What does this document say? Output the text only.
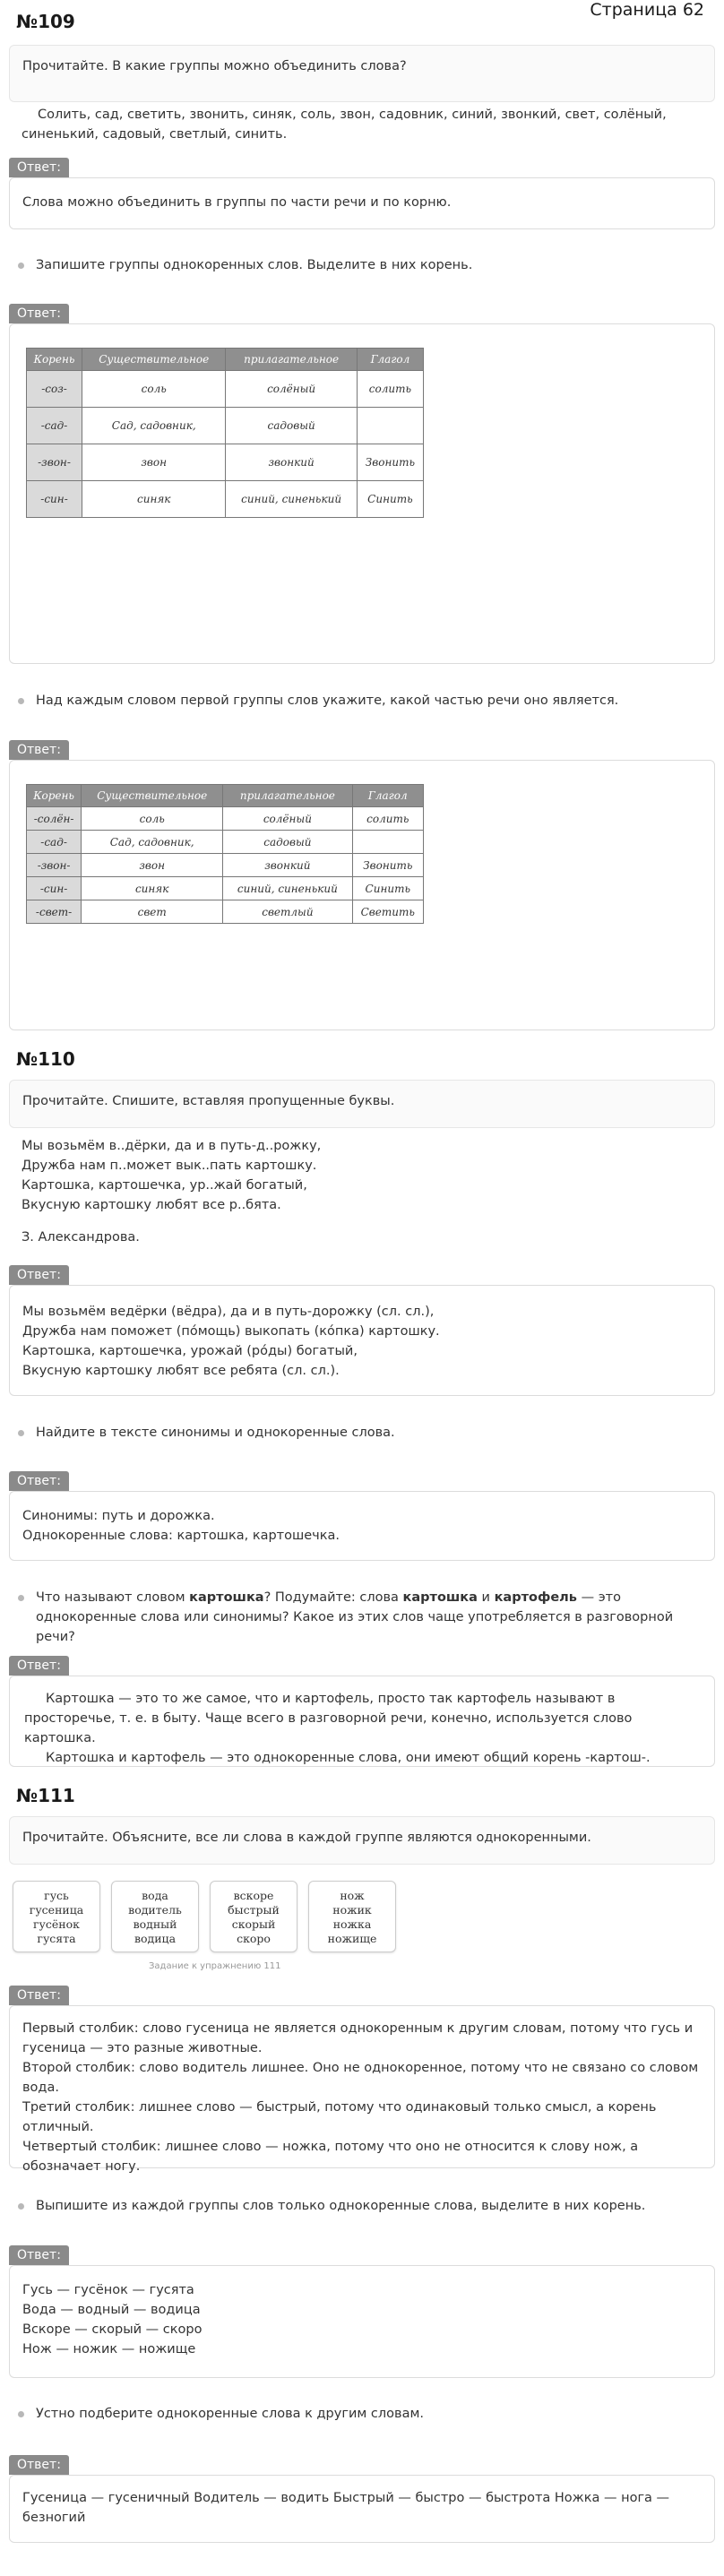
Страница 62
№109
Прочитайте. В какие группы можно объединить слова?
Солить, сад, светить, звонить, синяк, соль, звон, садовник, синий, звонкий, свет, солёный,
синенький, садовый, светлый, синить.
Ответ:
Слова можно объединить в группы по части речи и по корню.
Запишите группы однокоренных слов. Выделите в них корень.
Ответ:
Корень	Существительное	прилагательное	Глагол
-соз-	соль	солёный	солить
-сад-	Сад, садовник,	садовый	
-звон-	звон	звонкий	Звонить
-син-	синяк	синий, синенький	Синить
Над каждым словом первой группы слов укажите, какой частью речи оно является.
Ответ:
Корень	Существительное	прилагательное	Глагол
-солён-	соль	солёный	солить
-сад-	Сад, садовник,	садовый	
-звон-	звон	звонкий	Звонить
-син-	синяк	синий, синенький	Синить
-свет-	свет	светлый	Светить
№110
Прочитайте. Спишите, вставляя пропущенные буквы.
Мы возьмём в..дёрки, да и в путь-д..рожку,
Дружба нам п..может вык..пать картошку.
Картошка, картошечка, ур..жай богатый,
Вкусную картошку любят все р..бята.
З. Александрова.
Ответ:
Мы возьмём ведёрки (вёдра), да и в путь-дорожку (сл. сл.),
Дружба нам поможет (пóмощь) выкопать (кóпка) картошку.
Картошка, картошечка, урожай (рóды) богатый,
Вкусную картошку любят все ребята (сл. сл.).
Найдите в тексте синонимы и однокоренные слова.
Ответ:
Синонимы: путь и дорожка.
Однокоренные слова: картошка, картошечка.
Что называют словом картошка? Подумайте: слова картошка и картофель — это однокоренные слова или синонимы? Какое из этих слов чаще употребляется в разговорной речи?
Ответ:
Картошка — это то же самое, что и картофель, просто так картофель называют в просторечье, т. е. в быту. Чаще всего в разговорной речи, конечно, используется слово картошка.
Картошка и картофель — это однокоренные слова, они имеют общий корень -картош-.
№111
Прочитайте. Объясните, все ли слова в каждой группе являются однокоренными.
гусь
гусеница
гусёнок
гусята
вода
водитель
водный
водица
вскоре
быстрый
скорый
скоро
нож
ножик
ножка
ножище
Задание к упражнению 111
Ответ:
Первый столбик: слово гусеница не является однокоренным к другим словам, потому что гусь и гусеница — это разные животные.
Второй столбик: слово водитель лишнее. Оно не однокоренное, потому что не связано со словом вода.
Третий столбик: лишнее слово — быстрый, потому что одинаковый только смысл, а корень отличный.
Четвертый столбик: лишнее слово — ножка, потому что оно не относится к слову нож, а обозначает ногу.
Выпишите из каждой группы слов только однокоренные слова, выделите в них корень.
Ответ:
Гусь — гусёнок — гусята
Вода — водный — водица
Вскоре — скорый — скоро
Нож — ножик — ножище
Устно подберите однокоренные слова к другим словам.
Ответ:
Гусеница — гусеничный Водитель — водить Быстрый — быстро — быстрота Ножка — нога — безногий
